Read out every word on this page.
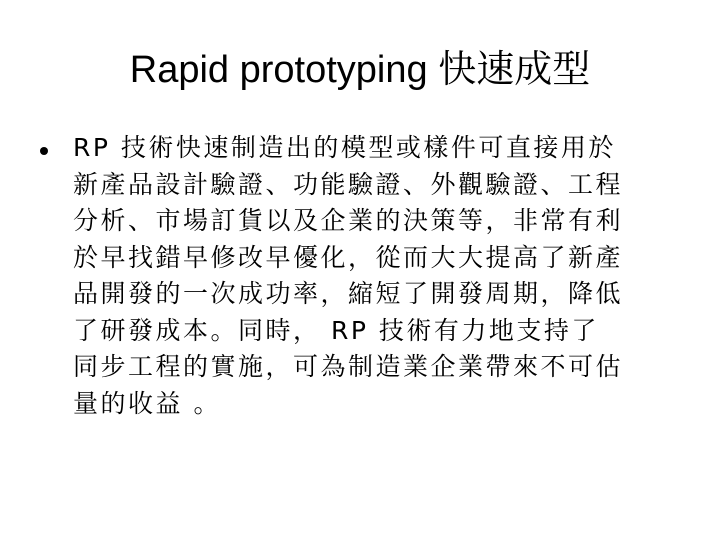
Rapid prototyping 快速成型
RP 技術快速制造出的模型或樣件可直接用於新產品設計驗證、功能驗證、外觀驗證、工程分析、市場訂貨以及企業的決策等，非常有利於早找錯早修改早優化，從而大大提高了新產品開發的一次成功率，縮短了開發周期，降低了研發成本。同時， RP 技術有力地支持了同步工程的實施，可為制造業企業帶來不可估量的收益 。
